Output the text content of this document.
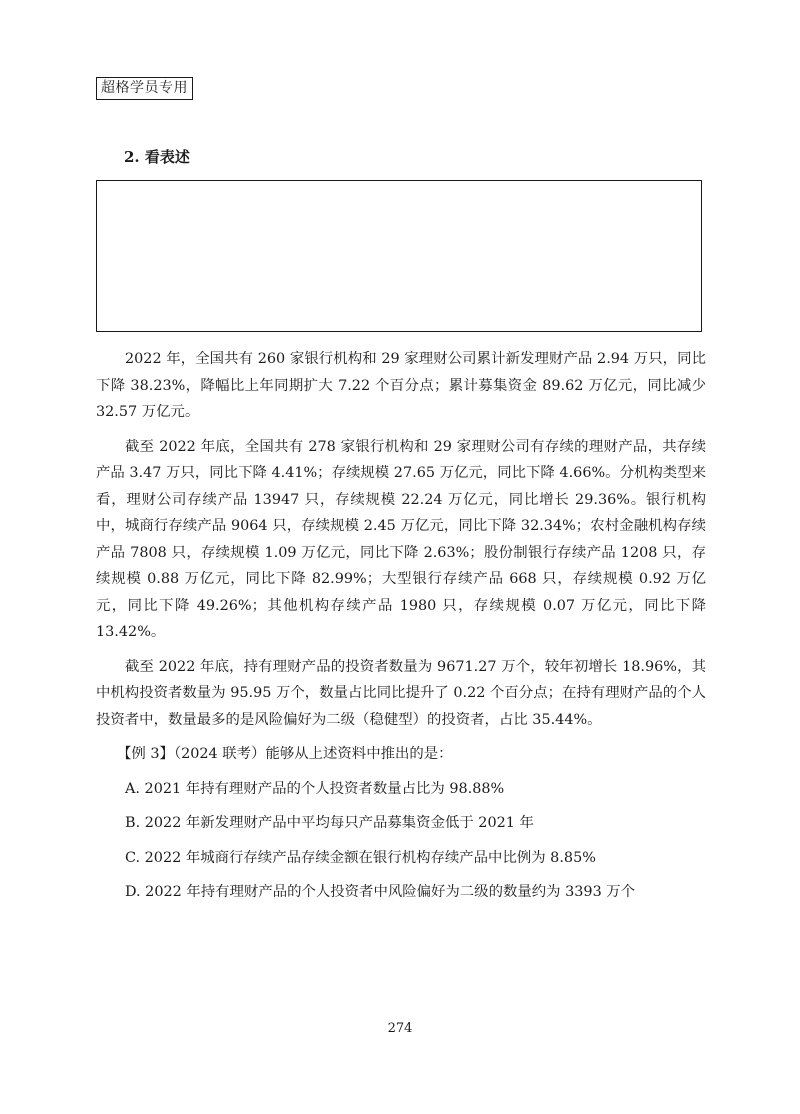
超格学员专用
2. 看表述

2022 年，全国共有 260 家银行机构和 29 家理财公司累计新发理财产品 2.94 万只，同比下降 38.23%，降幅比上年同期扩大 7.22 个百分点；累计募集资金 89.62 万亿元，同比减少 32.57 万亿元。

截至 2022 年底，全国共有 278 家银行机构和 29 家理财公司有存续的理财产品，共存续产品 3.47 万只，同比下降 4.41%；存续规模 27.65 万亿元，同比下降 4.66%。分机构类型来看，理财公司存续产品 13947 只，存续规模 22.24 万亿元，同比增长 29.36%。银行机构中，城商行存续产品 9064 只，存续规模 2.45 万亿元，同比下降 32.34%；农村金融机构存续产品 7808 只，存续规模 1.09 万亿元，同比下降 2.63%；股份制银行存续产品 1208 只，存续规模 0.88 万亿元，同比下降 82.99%；大型银行存续产品 668 只，存续规模 0.92 万亿元，同比下降 49.26%；其他机构存续产品 1980 只，存续规模 0.07 万亿元，同比下降 13.42%。

截至 2022 年底，持有理财产品的投资者数量为 9671.27 万个，较年初增长 18.96%，其中机构投资者数量为 95.95 万个，数量占比同比提升了 0.22 个百分点；在持有理财产品的个人投资者中，数量最多的是风险偏好为二级（稳健型）的投资者，占比 35.44%。

【例 3】（2024 联考）能够从上述资料中推出的是：
A. 2021 年持有理财产品的个人投资者数量占比为 98.88%
B. 2022 年新发理财产品中平均每只产品募集资金低于 2021 年
C. 2022 年城商行存续产品存续金额在银行机构存续产品中比例为 8.85%
D. 2022 年持有理财产品的个人投资者中风险偏好为二级的数量约为 3393 万个
274
